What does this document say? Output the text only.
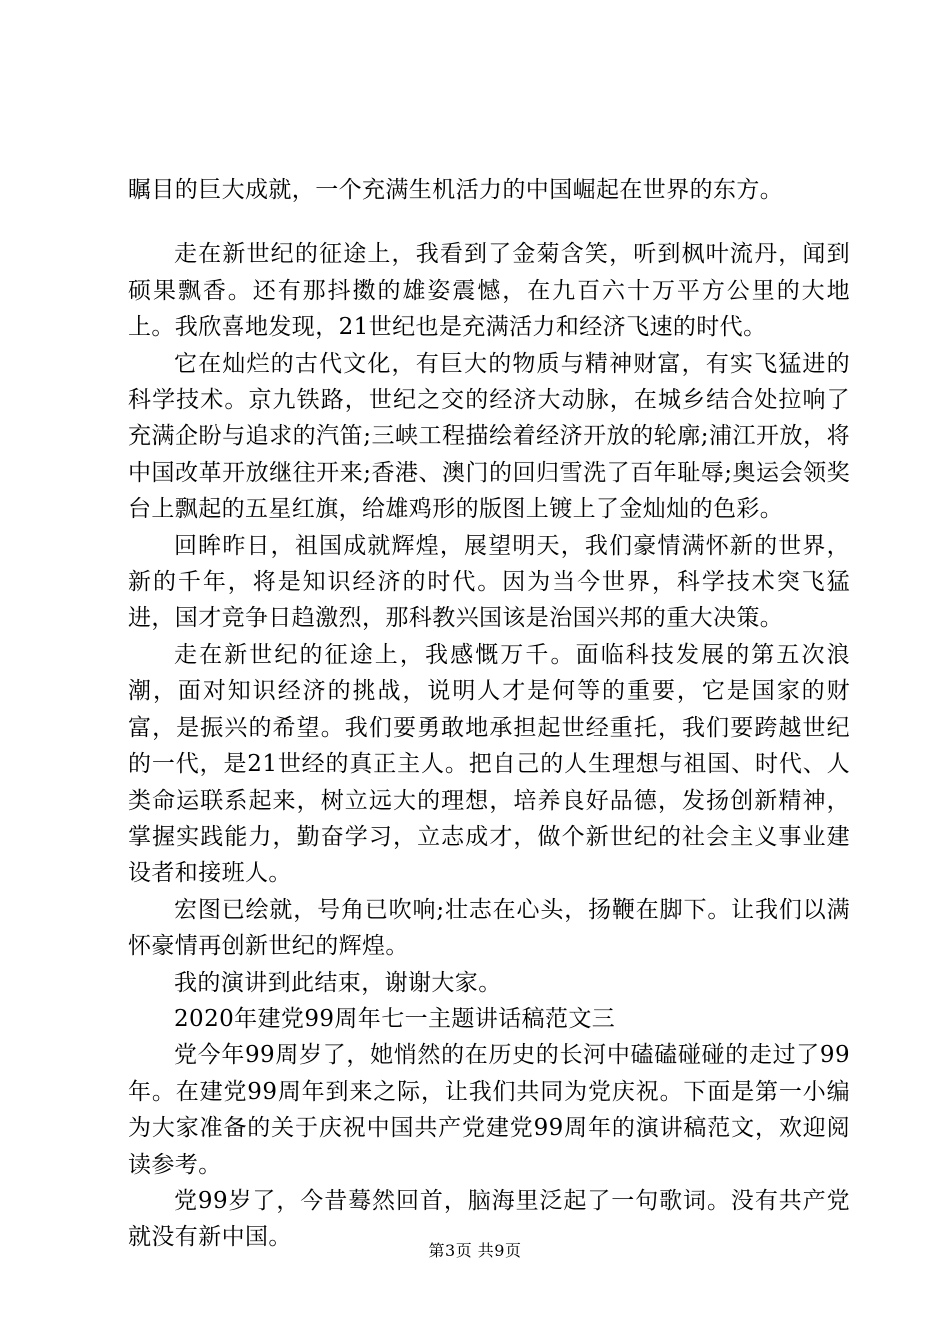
瞩目的巨大成就，一个充满生机活力的中国崛起在世界的东方。

走在新世纪的征途上，我看到了金菊含笑，听到枫叶流丹，闻到硕果飘香。还有那抖擞的雄姿震憾，在九百六十万平方公里的大地上。我欣喜地发现，21世纪也是充满活力和经济飞速的时代。

它在灿烂的古代文化，有巨大的物质与精神财富，有实飞猛进的科学技术。京九铁路，世纪之交的经济大动脉，在城乡结合处拉响了充满企盼与追求的汽笛;三峡工程描绘着经济开放的轮廓;浦江开放，将中国改革开放继往开来;香港、澳门的回归雪洗了百年耻辱;奥运会领奖台上飘起的五星红旗，给雄鸡形的版图上镀上了金灿灿的色彩。

回眸昨日，祖国成就辉煌，展望明天，我们豪情满怀新的世界，新的千年，将是知识经济的时代。因为当今世界，科学技术突飞猛进，国才竞争日趋激烈，那科教兴国该是治国兴邦的重大决策。

走在新世纪的征途上，我感慨万千。面临科技发展的第五次浪潮，面对知识经济的挑战，说明人才是何等的重要，它是国家的财富，是振兴的希望。我们要勇敢地承担起世经重托，我们要跨越世纪的一代，是21世经的真正主人。把自己的人生理想与祖国、时代、人类命运联系起来，树立远大的理想，培养良好品德，发扬创新精神，掌握实践能力，勤奋学习，立志成才，做个新世纪的社会主义事业建设者和接班人。

宏图已绘就，号角已吹响;壮志在心头，扬鞭在脚下。让我们以满怀豪情再创新世纪的辉煌。

我的演讲到此结束，谢谢大家。

2020年建党99周年七一主题讲话稿范文三

党今年99周岁了，她悄然的在历史的长河中磕磕碰碰的走过了99年。在建党99周年到来之际，让我们共同为党庆祝。下面是第一小编为大家准备的关于庆祝中国共产党建党99周年的演讲稿范文，欢迎阅读参考。

党99岁了，今昔蓦然回首，脑海里泛起了一句歌词。没有共产党就没有新中国。

第3页 共9页
